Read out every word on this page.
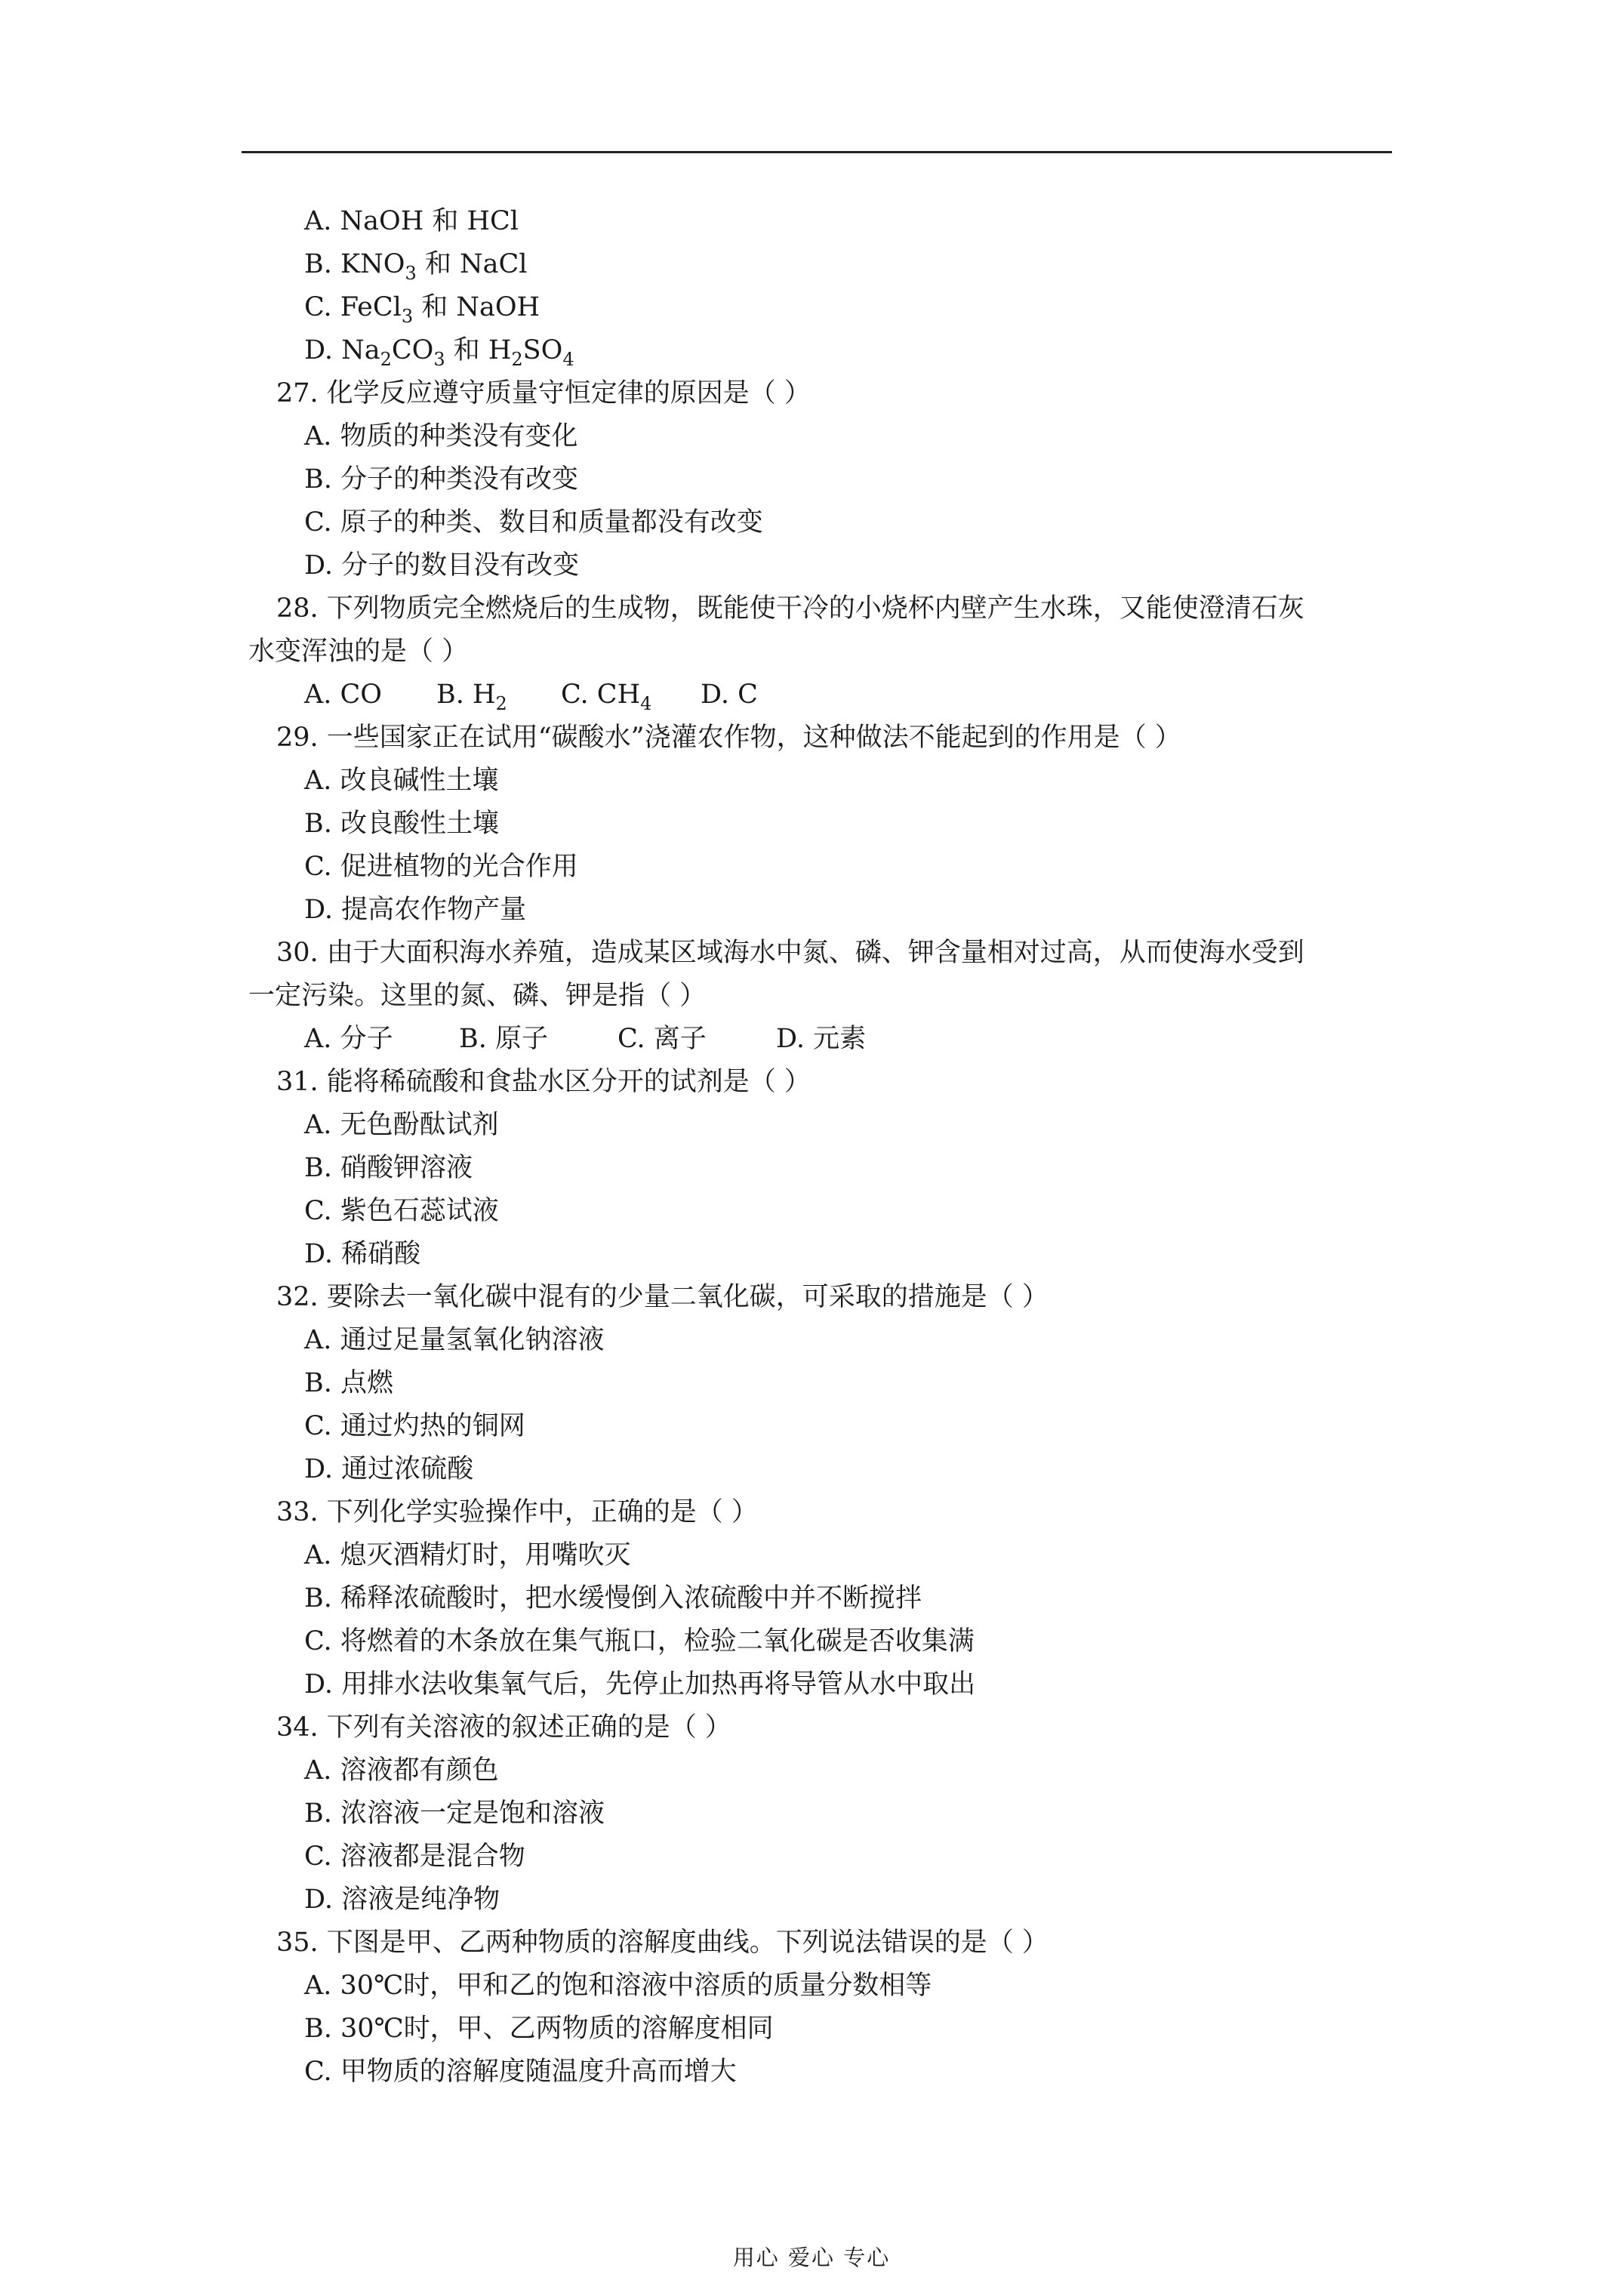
A. NaOH 和 HCl
B. $KNO_3$ 和 NaCl
C. FeCl$_3$ 和 NaOH
D. $Na_2CO_3$ 和 $H_2SO_4$
27. 化学反应遵守质量守恒定律的原因是（ ）
A. 物质的种类没有变化
B. 分子的种类没有改变
C. 原子的种类、数目和质量都没有改变
D. 分子的数目没有改变
28. 下列物质完全燃烧后的生成物，既能使干冷的小烧杯内壁产生水珠，又能使澄清石灰
水变浑浊的是（ ）
A. CO B. $H_2$ C. $CH_4$ D. C
29. 一些国家正在试用“碳酸水”浇灌农作物，这种做法不能起到的作用是（ ）
A. 改良碱性土壤
B. 改良酸性土壤
C. 促进植物的光合作用
D. 提高农作物产量
30. 由于大面积海水养殖，造成某区域海水中氮、磷、钾含量相对过高，从而使海水受到
一定污染。这里的氮、磷、钾是指（ ）
A. 分子 B. 原子	C. 离子	D. 元素
31. 能将稀硫酸和食盐水区分开的试剂是（ ）
A. 无色酚酞试剂
B. 硝酸钾溶液
C. 紫色石蕊试液
D. 稀硝酸
32. 要除去一氧化碳中混有的少量二氧化碳，可采取的措施是（ ）
A. 通过足量氢氧化钠溶液
B. 点燃
C. 通过灼热的铜网
D. 通过浓硫酸
33. 下列化学实验操作中，正确的是（ ）
A. 熄灭酒精灯时，用嘴吹灭
B. 稀释浓硫酸时，把水缓慢倒入浓硫酸中并不断搅拌
C. 将燃着的木条放在集气瓶口，检验二氧化碳是否收集满
D. 用排水法收集氧气后，先停止加热再将导管从水中取出
34. 下列有关溶液的叙述正确的是（ ）
A. 溶液都有颜色
B. 浓溶液一定是饱和溶液
C. 溶液都是混合物
D. 溶液是纯净物
35. 下图是甲、乙两种物质的溶解度曲线。下列说法错误的是（ ）
A. 30℃时，甲和乙的饱和溶液中溶质的质量分数相等
B. 30℃时，甲、乙两物质的溶解度相同
C. 甲物质的溶解度随温度升高而增大
用心 爱心 专心
